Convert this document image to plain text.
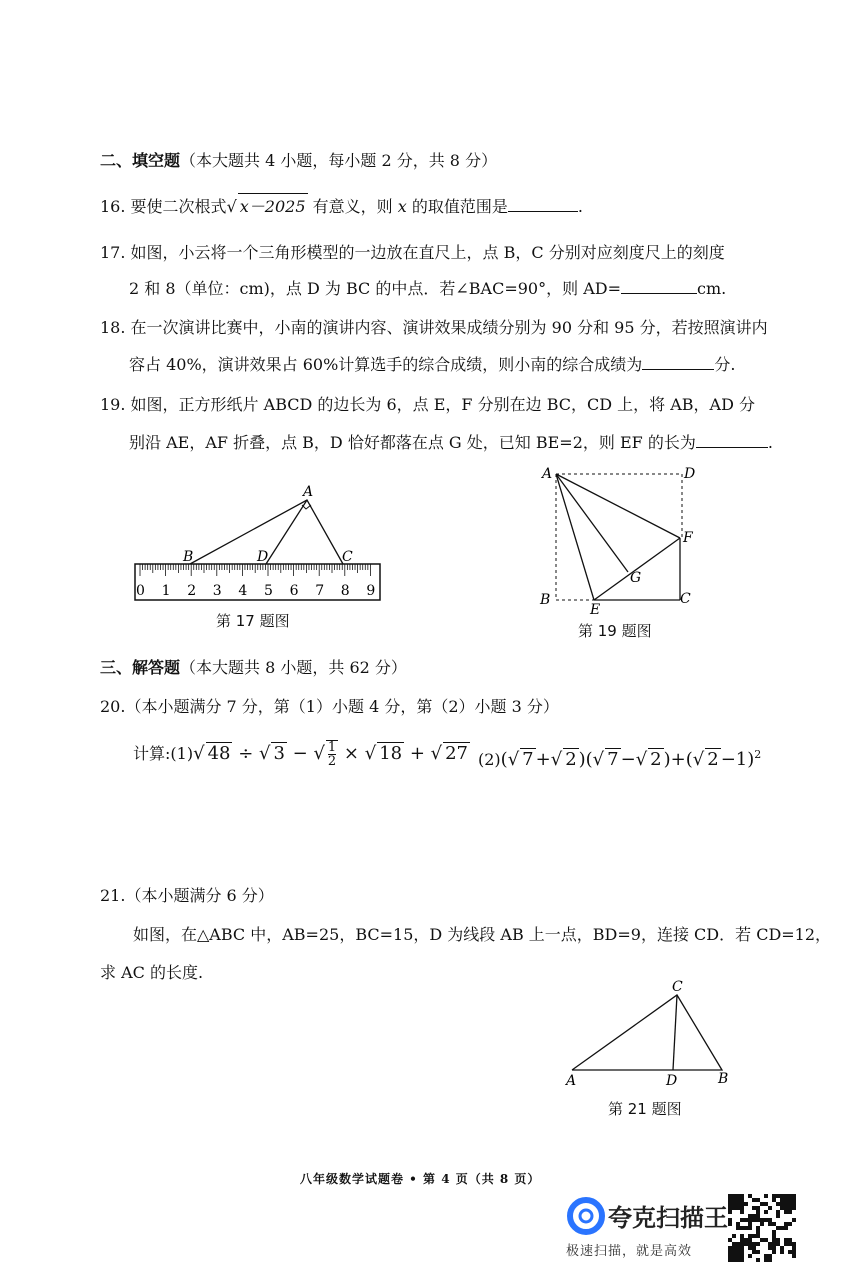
二、填空题（本大题共 4 小题，每小题 2 分，共 8 分）
16. 要使二次根式√ x－2025 有意义，则 x 的取值范围是	.
17. 如图，小云将一个三角形模型的一边放在直尺上，点 B，C 分别对应刻度尺上的刻度
2 和 8（单位：cm)，点 D 为 BC 的中点．若∠BAC=90°，则 AD=	cm.
18. 在一次演讲比赛中，小南的演讲内容、演讲效果成绩分别为 90 分和 95 分，若按照演讲内
容占 40%，演讲效果占 60%计算选手的综合成绩，则小南的综合成绩为	分.
19. 如图，正方形纸片 ABCD 的边长为 6，点 E，F 分别在边 BC，CD 上，将 AB，AD 分
别沿 AE，AF 折叠，点 B，D 恰好都落在点 G 处，已知 BE=2，则 EF 的长为	.
0 1 2 3 4 5 6 7 8 9
A
B	D	C
第 17 题图
A	D
B
E
C
F
G
第 19 题图
三、解答题（本大题共 8 小题，共 62 分）
20.（本小题满分 7 分，第（1）小题 4 分，第（2）小题 3 分）
计算:(1)√ 48 ÷ √ 3 − √ $\frac{1}{2}$ × √ 18 + √ 27 (2)(√ 7 +√ 2 )(√ 7 −√ 2 )+(√ 2 −1)$^2$
21.（本小题满分 6 分）
如图，在△ABC 中，AB=25，BC=15，D 为线段 AB 上一点，BD=9，连接 CD．若 CD=12，
求 AC 的长度.
C
A	D	B
第 21 题图
八年级数学试题卷 • 第 4 页（共 8 页）
夸克扫描王
极速扫描，就是高效
